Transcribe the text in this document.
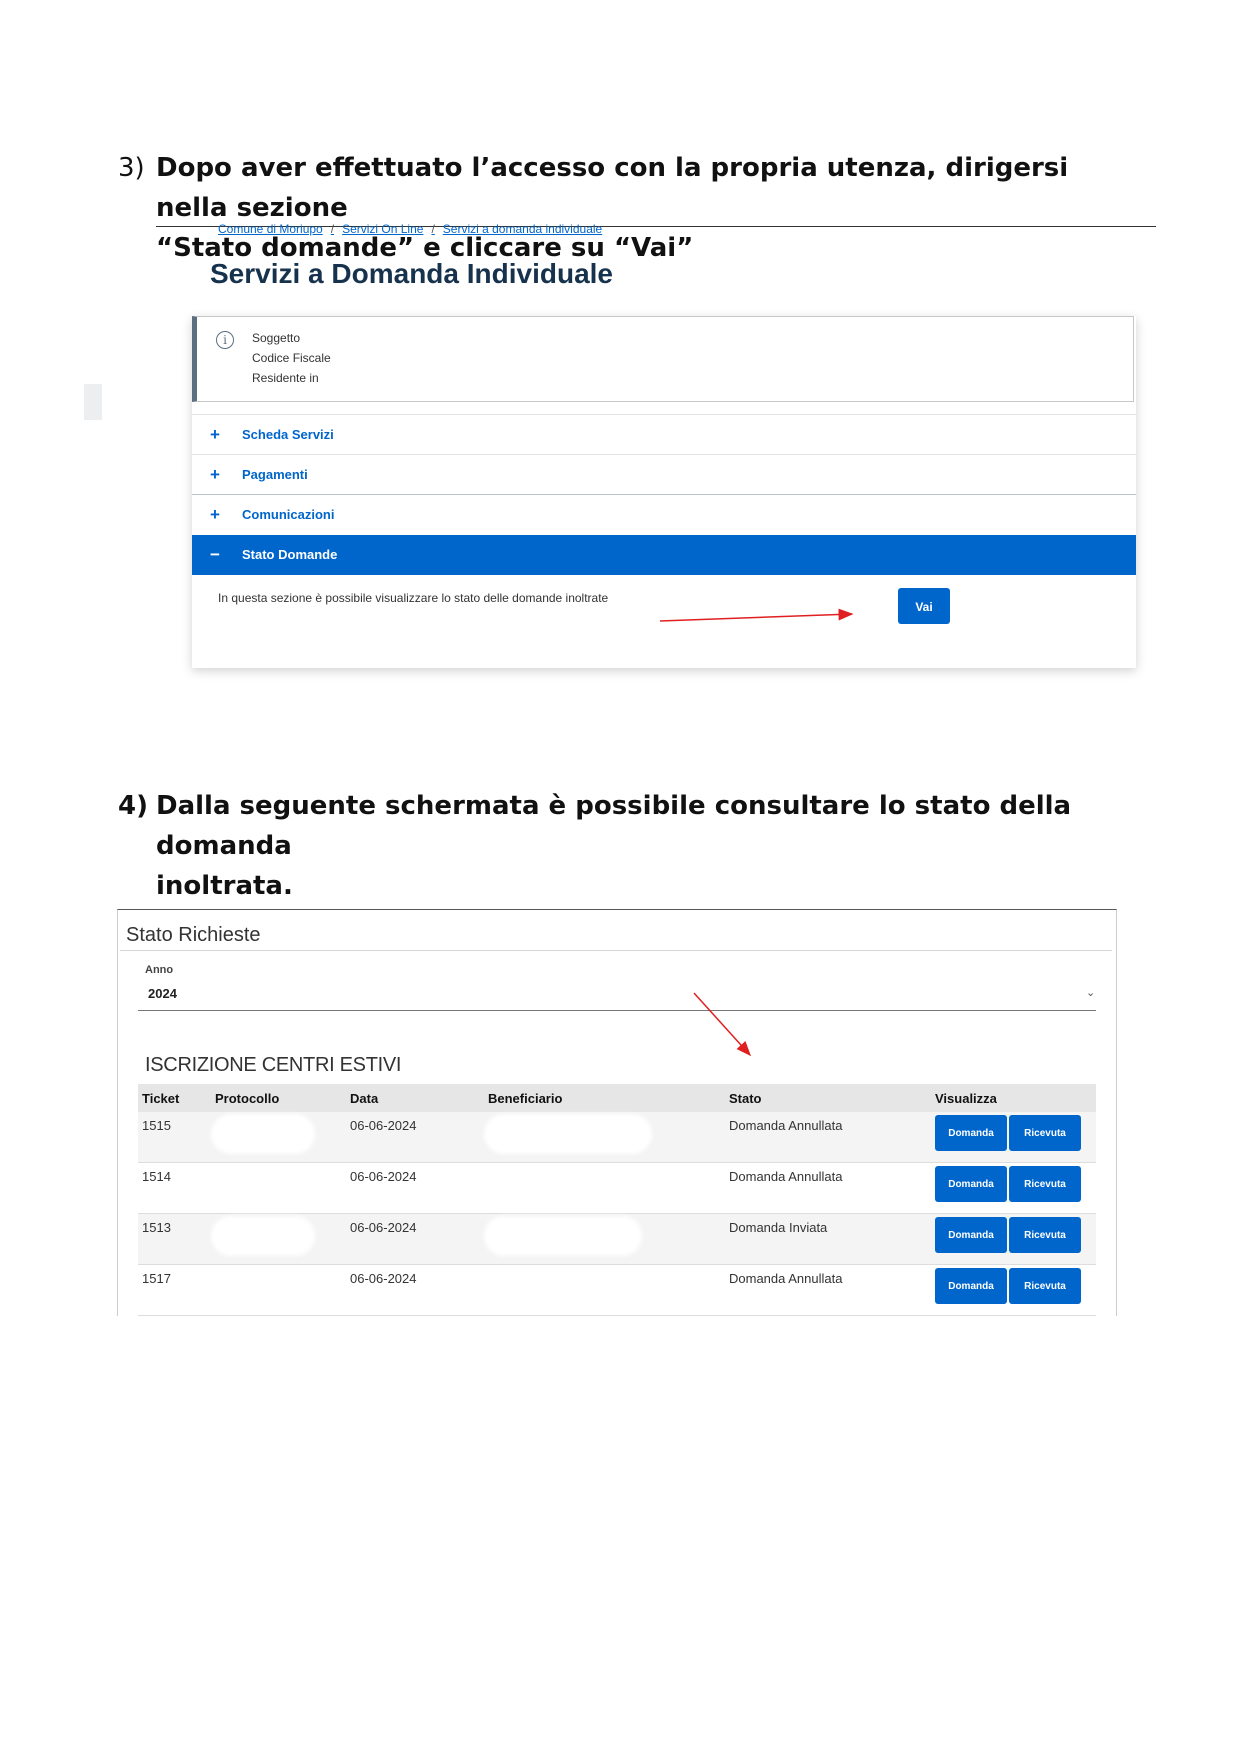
3) Dopo aver effettuato l’accesso con la propria utenza, dirigersi nella sezione
“Stato domande” e cliccare su “Vai”
Comune di Moriupo / Servizi On Line / Servizi a domanda individuale
Servizi a Domanda Individuale
i	Soggetto
Codice Fiscale
Residente in
+ Scheda Servizi
+ Pagamenti
+ Comunicazioni
− Stato Domande
In questa sezione è possibile visualizzare lo stato delle domande inoltrate
Vai
4) Dalla seguente schermata è possibile consultare lo stato della domanda
inoltrata.
Stato Richieste
Anno
2024	⌄
ISCRIZIONE CENTRI ESTIVI
Ticket	Protocollo	Data	Beneficiario	Stato	Visualizza
1515		06-06-2024		Domanda Annullata	Domanda Ricevuta
1514		06-06-2024		Domanda Annullata	Domanda Ricevuta
1513		06-06-2024		Domanda Inviata	Domanda Ricevuta
1517		06-06-2024		Domanda Annullata	Domanda Ricevuta
